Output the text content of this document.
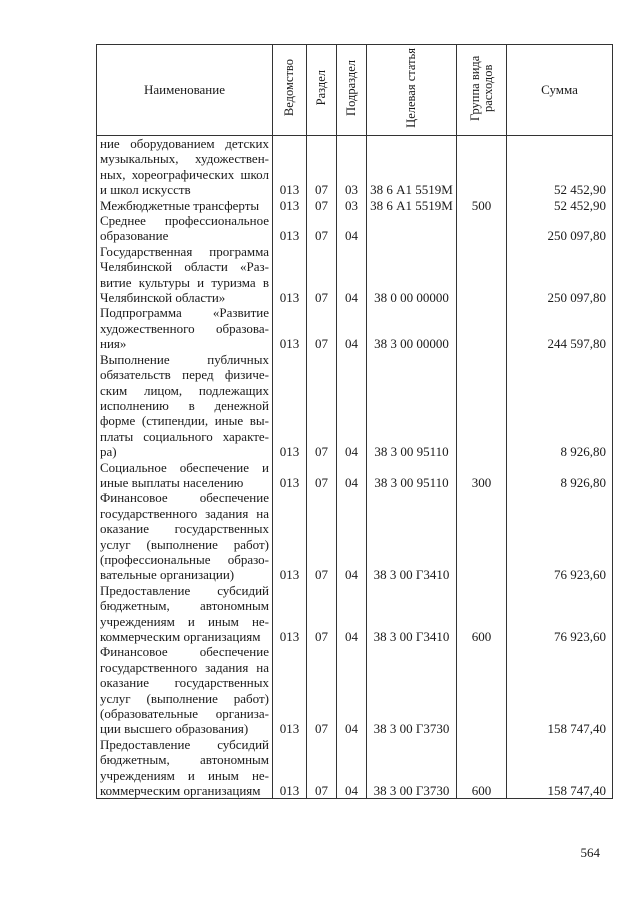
Наименование	Ведомство	Раздел	Подраздел	Целевая статья	Группа вида расходов	Сумма
ние оборудованием детских музыкальных, художествен-ных, хореографических школ и школ искусств	013	07	03	38 6 А1 5519М		52 452,90
Межбюджетные трансферты	013	07	03	38 6 А1 5519М	500	52 452,90
Среднее профессиональное образование	013	07	04			250 097,80
Государственная программа Челябинской области «Раз-витие культуры и туризма в Челябинской области»	013	07	04	38 0 00 00000		250 097,80
Подпрограмма «Развитие художественного образова-ния»	013	07	04	38 3 00 00000		244 597,80
Выполнение публичных обязательств перед физиче-ским лицом, подлежащих исполнению в денежной форме (стипендии, иные вы-платы социального характе-ра)	013	07	04	38 3 00 95110		8 926,80
Социальное обеспечение и иные выплаты населению	013	07	04	38 3 00 95110	300	8 926,80
Финансовое обеспечение государственного задания на оказание государственных услуг (выполнение работ) (профессиональные образо-вательные организации)	013	07	04	38 3 00 Г3410		76 923,60
Предоставление субсидий бюджетным, автономным учреждениям и иным не-коммерческим организациям	013	07	04	38 3 00 Г3410	600	76 923,60
Финансовое обеспечение государственного задания на оказание государственных услуг (выполнение работ) (образовательные организа-ции высшего образования)	013	07	04	38 3 00 Г3730		158 747,40
Предоставление субсидий бюджетным, автономным учреждениям и иным не-коммерческим организациям	013	07	04	38 3 00 Г3730	600	158 747,40
564
